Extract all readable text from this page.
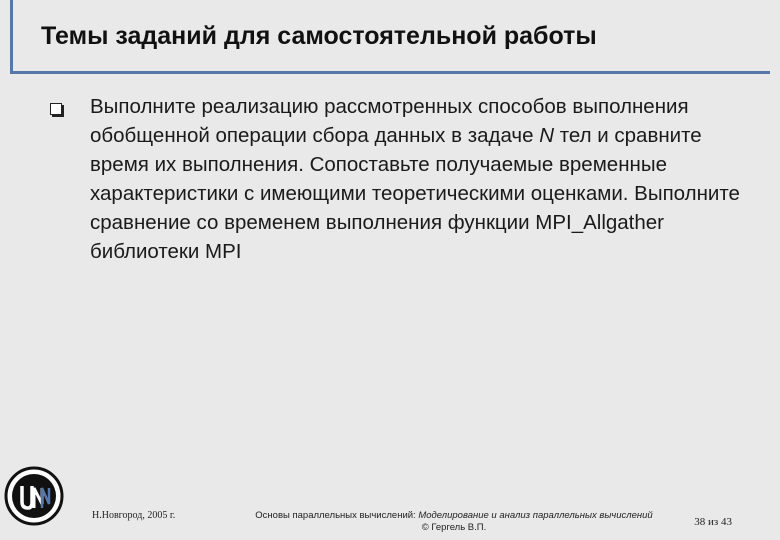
Темы заданий для самостоятельной работы
Выполните реализацию рассмотренных способов выполнения обобщенной операции сбора данных в задаче N тел и сравните время их выполнения. Сопоставьте получаемые временные характеристики с имеющими теоретическими оценками. Выполните сравнение со временем выполнения функции MPI_Allgather библиотеки MPI
Н.Новгород, 2005 г.	Основы параллельных вычислений: Моделирование и анализ параллельных вычислений
© Гергель В.П.	38 из 43
